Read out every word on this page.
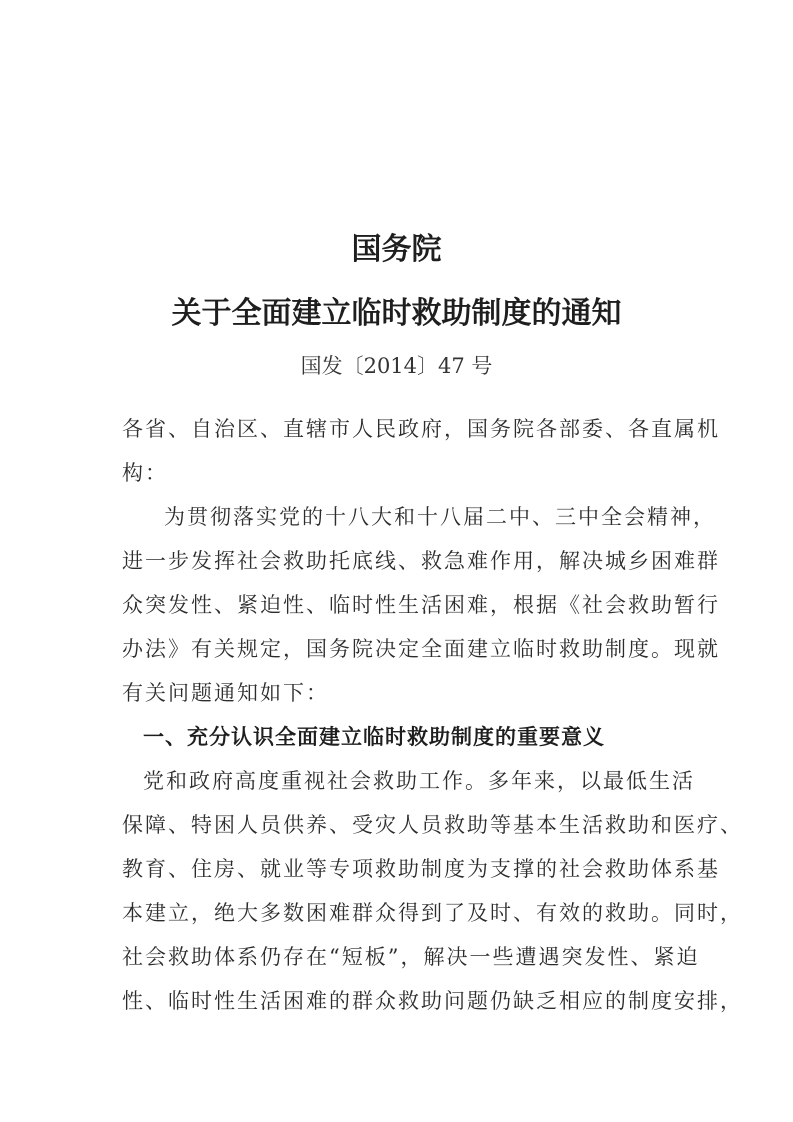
国务院
关于全面建立临时救助制度的通知
国发〔2014〕47 号
各省、自治区、直辖市人民政府，国务院各部委、各直属机
构：
为贯彻落实党的十八大和十八届二中、三中全会精神，
进一步发挥社会救助托底线、救急难作用，解决城乡困难群
众突发性、紧迫性、临时性生活困难，根据《社会救助暂行
办法》有关规定，国务院决定全面建立临时救助制度。现就
有关问题通知如下：
一、充分认识全面建立临时救助制度的重要意义
党和政府高度重视社会救助工作。多年来，以最低生活
保障、特困人员供养、受灾人员救助等基本生活救助和医疗、
教育、住房、就业等专项救助制度为支撑的社会救助体系基
本建立，绝大多数困难群众得到了及时、有效的救助。同时，
社会救助体系仍存在“短板”，解决一些遭遇突发性、紧迫
性、临时性生活困难的群众救助问题仍缺乏相应的制度安排，
